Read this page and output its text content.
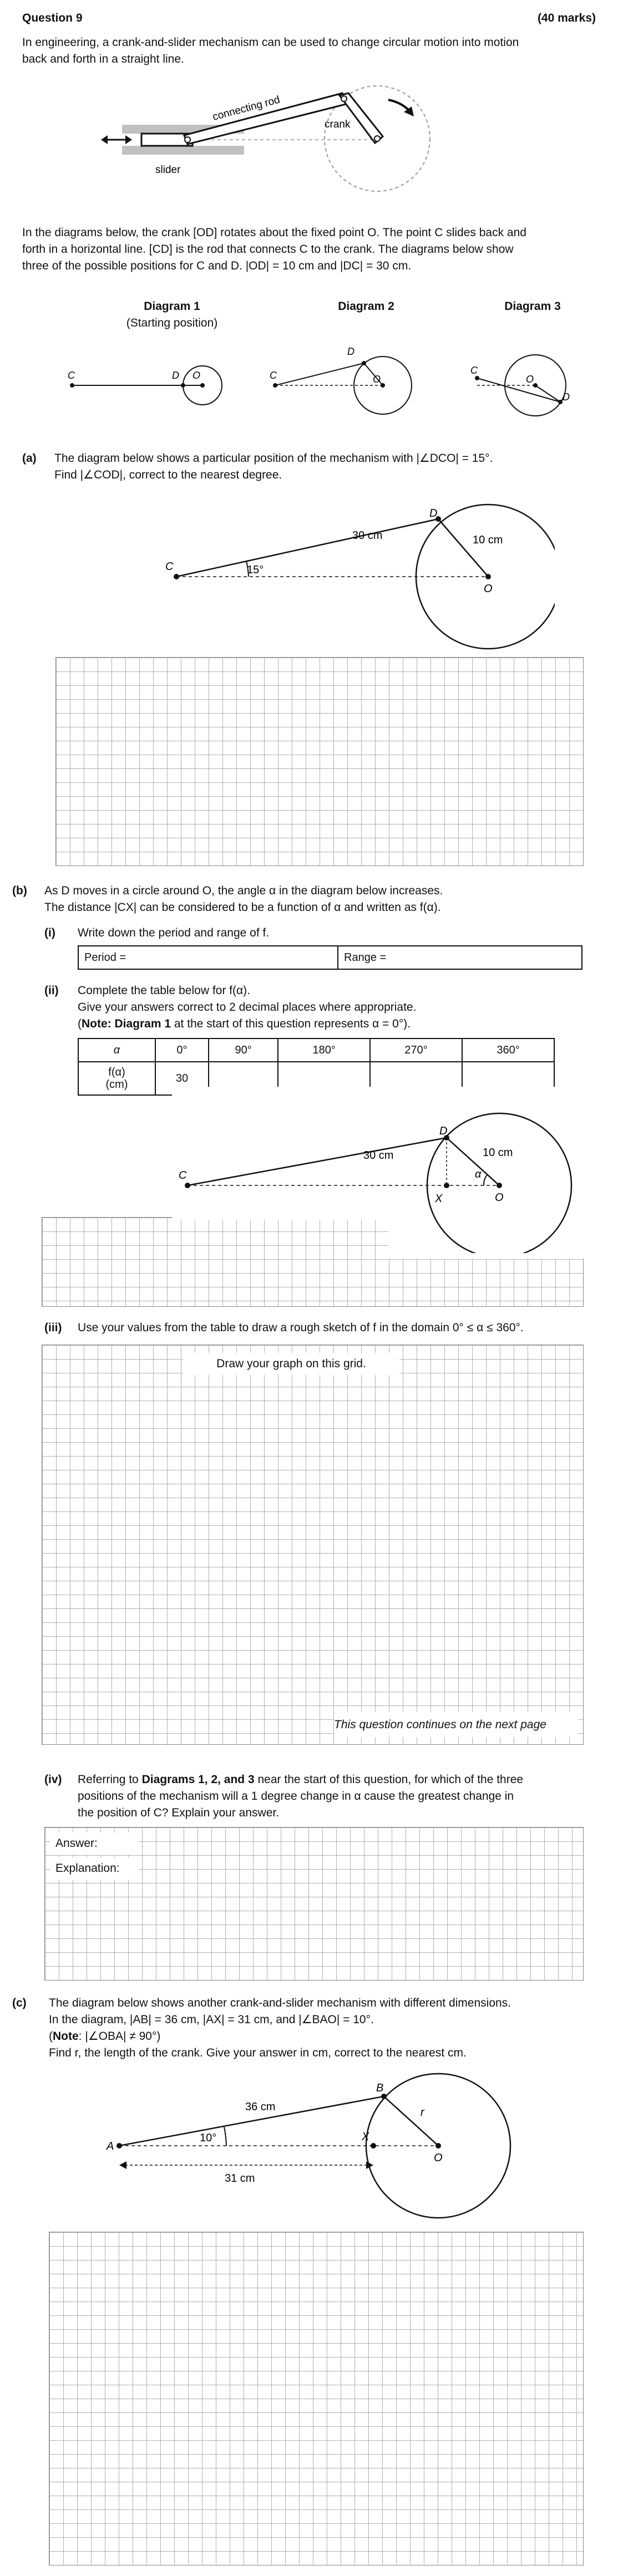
Question 9	(40 marks)
In engineering, a crank-and-slider mechanism can be used to change circular motion into motion
back and forth in a straight line.
connecting rod
crank
slider
In the diagrams below, the crank [OD] rotates about the fixed point O. The point C slides back and
forth in a horizontal line. [CD] is the rod that connects C to the crank. The diagrams below show
three of the possible positions for C and D. |OD| = 10 cm and |DC| = 30 cm.
Diagram 1
(Starting position)
Diagram 2	Diagram 3
C	D O	C
D
O
C
D
O
(a) The diagram below shows a particular position of the mechanism with |∠DCO| = 15°.
Find |∠COD|, correct to the nearest degree.
C
D
O
30 cm	10 cm
15°
(b) As D moves in a circle around O, the angle α in the diagram below increases.
The distance |CX| can be considered to be a function of α and written as f(α).
(i) Write down the period and range of f.
Period =	Range =
(ii) Complete the table below for f(α).
Give your answers correct to 2 decimal places where appropriate.
(Note: Diagram 1 at the start of this question represents α = 0°).
α	0°	90°	180°	270°	360°
f(α)
(cm)	30				
C
D
X	O
30 cm	10 cm
α
(iii) Use your values from the table to draw a rough sketch of f in the domain 0° ≤ α ≤ 360°.
Draw your graph on this grid.
This question continues on the next page
(iv) Referring to Diagrams 1, 2, and 3 near the start of this question, for which of the three
positions of the mechanism will a 1 degree change in α cause the greatest change in
the position of C? Explain your answer.
Answer:
Explanation:
(c) The diagram below shows another crank-and-slider mechanism with different dimensions.
In the diagram, |AB| = 36 cm, |AX| = 31 cm, and |∠BAO| = 10°.
(Note: |∠OBA| ≠ 90°)
Find r, the length of the crank. Give your answer in cm, correct to the nearest cm.
A
B
X
O
36 cm
31 cm
10°
r
